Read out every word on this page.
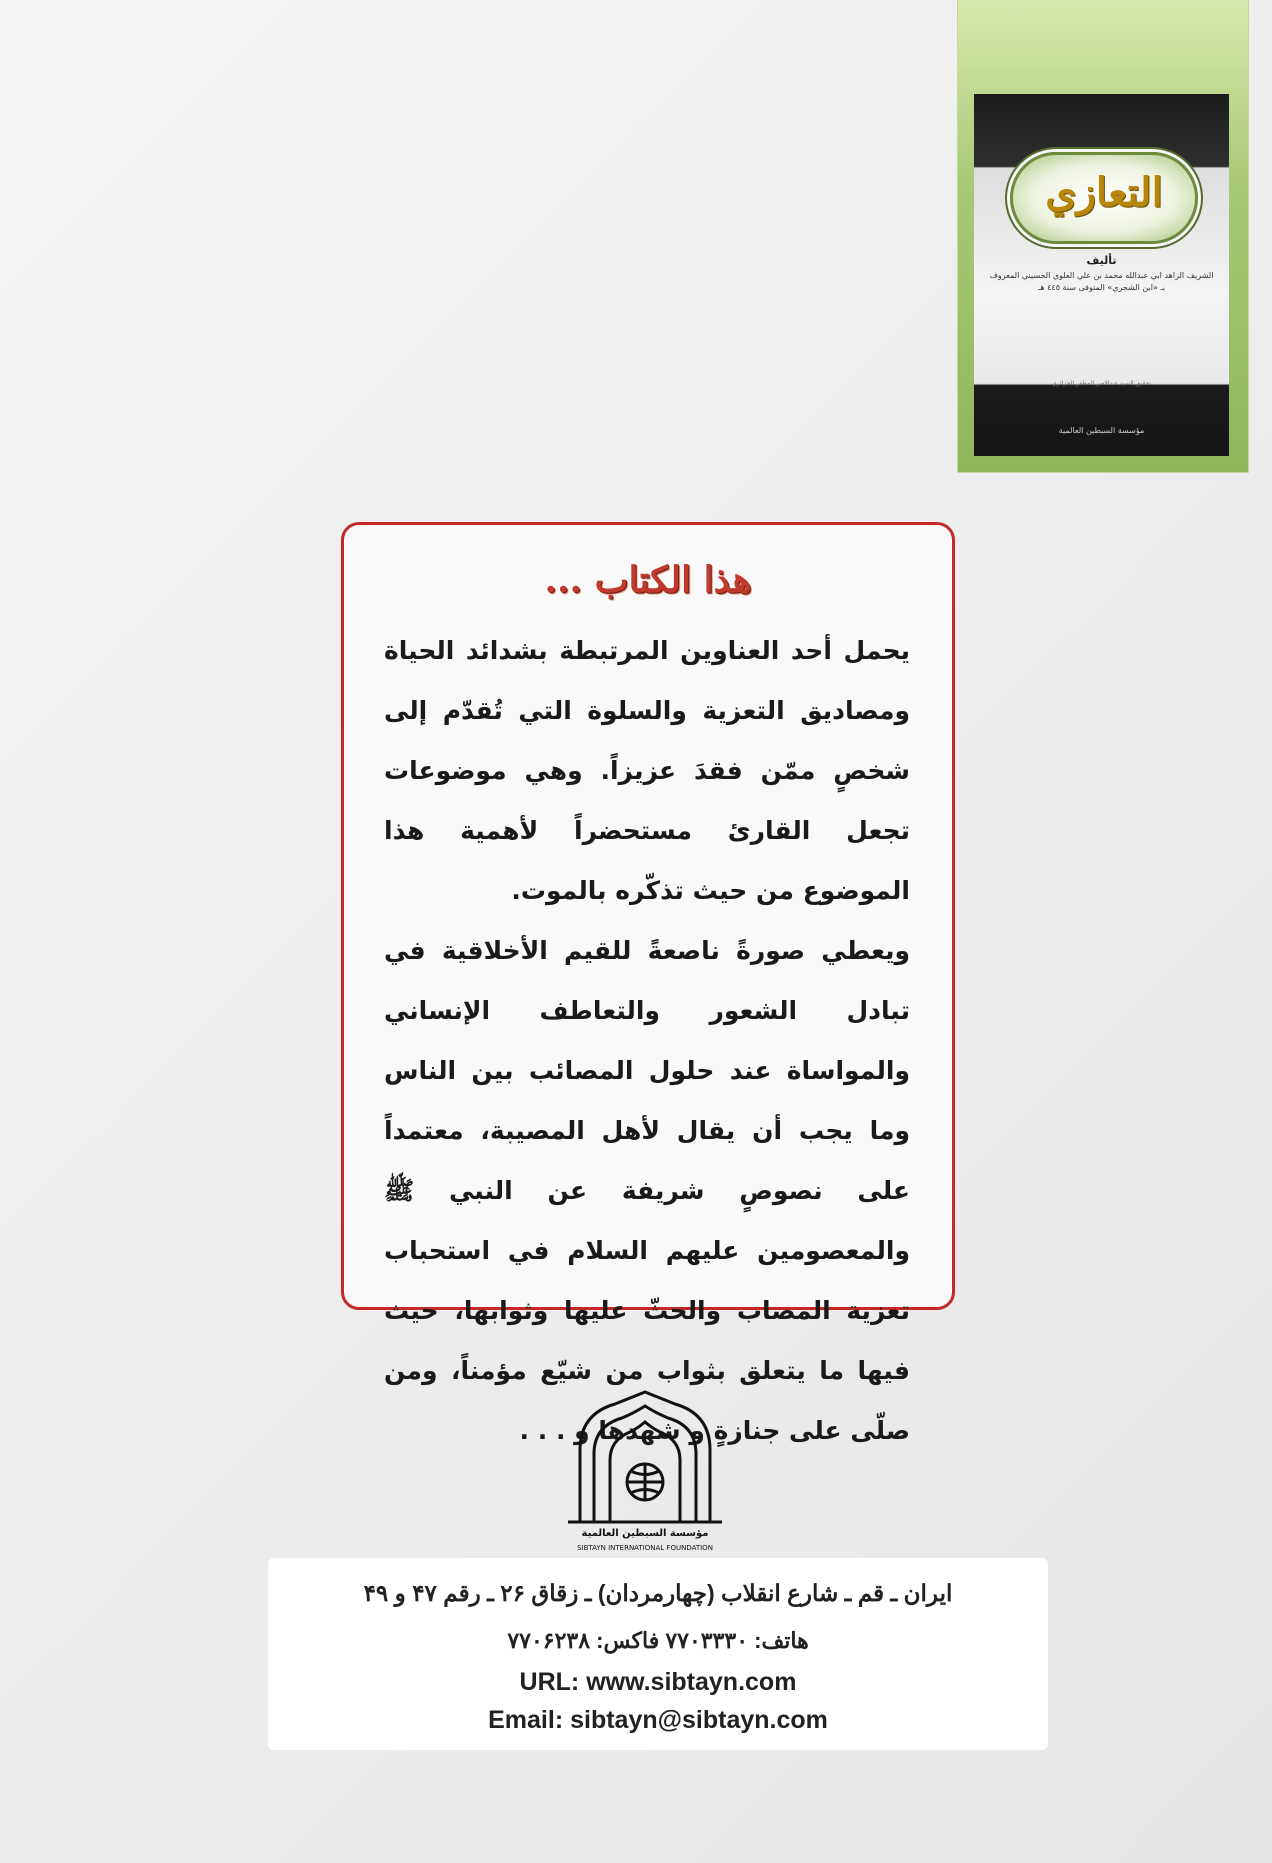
التعازي
تأليف
الشريف الزاهد ابي عبدالله محمد بن علي العلوي الحسيني المعروف بـ «ابن الشجري» المتوفى سنة ٤٤٥ هـ
تحقيق السيد عبدالامير المظفر الجزائري
مؤسسة السبطين العالمية
هذا الكتاب ...

يحمل أحد العناوين المرتبطة بشدائد الحياة ومصاديق التعزية والسلوة التي تُقدّم إلى شخصٍ ممّن فقدَ عزيزاً. وهي موضوعات تجعل القارئ مستحضراً لأهمية هذا الموضوع من حيث تذكّره بالموت.

ويعطي صورةً ناصعةً للقيم الأخلاقية في تبادل الشعور والتعاطف الإنساني والمواساة عند حلول المصائب بين الناس وما يجب أن يقال لأهل المصيبة، معتمداً على نصوصٍ شريفة عن النبي ﷺ والمعصومين عليهم السلام في استحباب تعزية المصاب والحثّ عليها وثوابها، حيث فيها ما يتعلق بثواب من شيّع مؤمناً، ومن صلّى على جنازةٍ و شهدها و . . .

مؤسسة السبطين العالمية
SIBTAYN INTERNATIONAL FOUNDATION
ایران ـ قم ـ شارع انقلاب (چهارمردان) ـ زقاق ٢۶ ـ رقم ۴٧ و ۴٩
هاتف: ٧٧٠٣٣٣٠ فاكس: ٧٧٠۶٢٣٨
URL: www.sibtayn.com
Email: sibtayn@sibtayn.com
